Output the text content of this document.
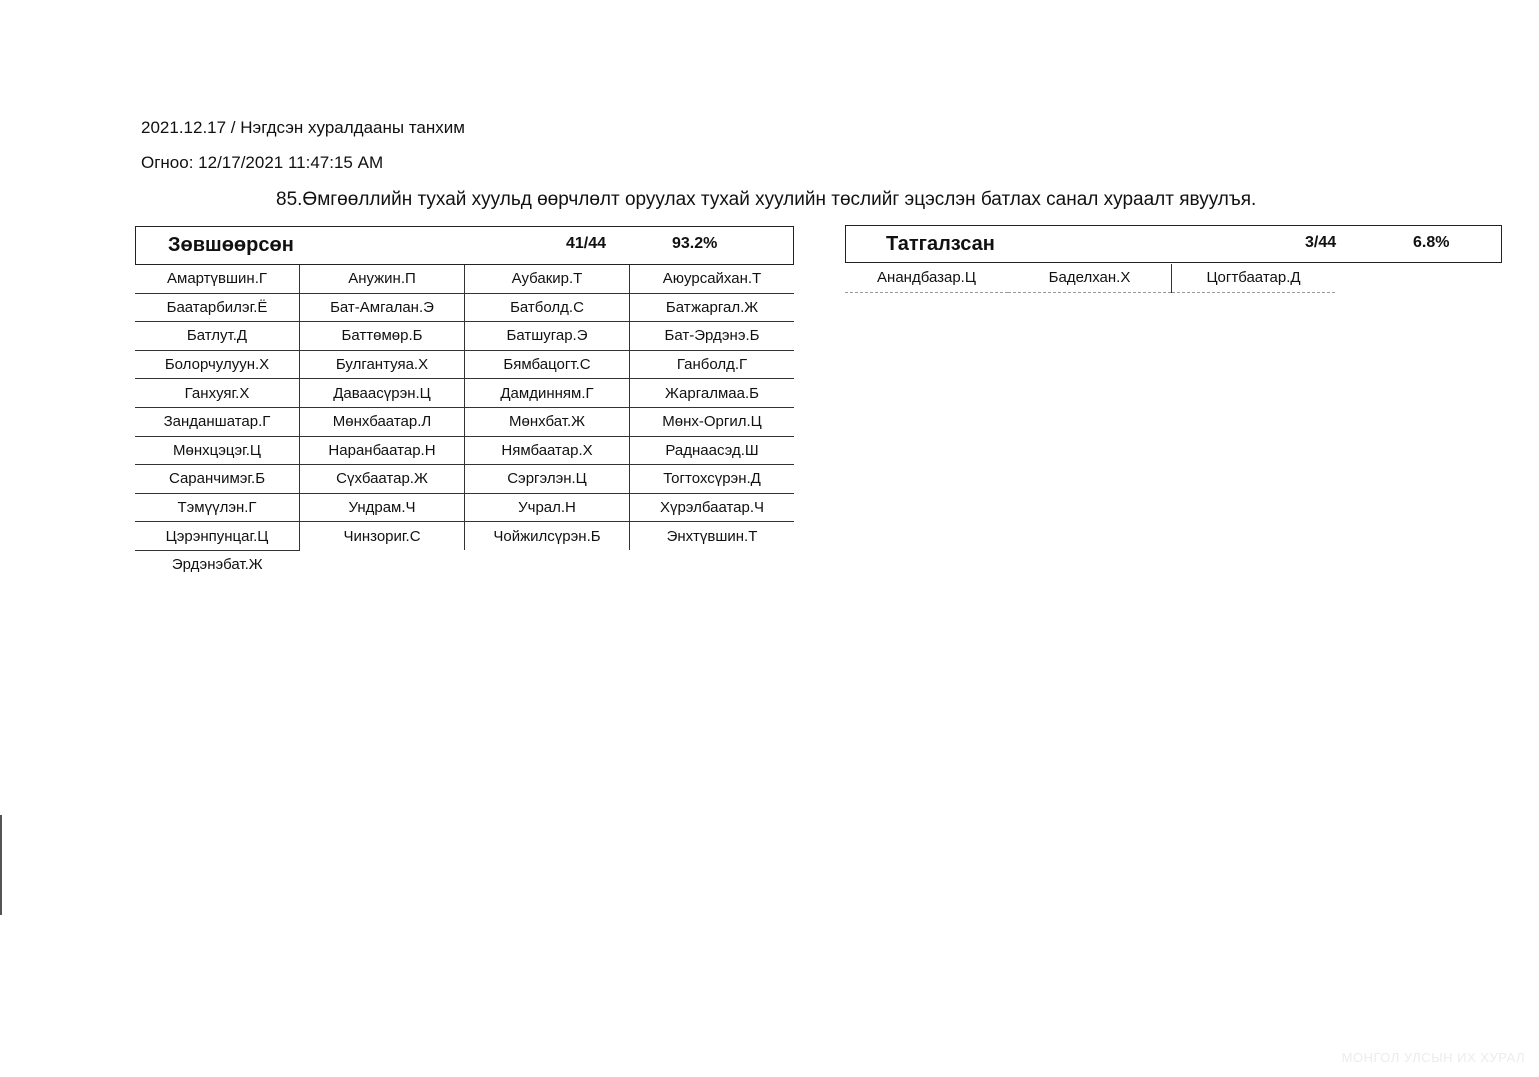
2021.12.17 / Нэгдсэн хуралдааны танхим
Огноо: 12/17/2021 11:47:15 AM
85.Өмгөөллийн тухай хуульд өөрчлөлт оруулах тухай хуулийн төслийг эцэслэн батлах санал хураалт явуулъя.
Зөвшөөрсөн	41/44	93.2%
Амартүвшин.Г	Анужин.П	Аубакир.Т	Аюурсайхан.Т
Баатарбилэг.Ё	Бат-Амгалан.Э	Батболд.С	Батжаргал.Ж
Батлут.Д	Баттөмөр.Б	Батшугар.Э	Бат-Эрдэнэ.Б
Болорчулуун.Х	Булгантуяа.Х	Бямбацогт.С	Ганболд.Г
Ганхуяг.Х	Даваасүрэн.Ц	Дамдинням.Г	Жаргалмаа.Б
Занданшатар.Г	Мөнхбаатар.Л	Мөнхбат.Ж	Мөнх-Оргил.Ц
Мөнхцэцэг.Ц	Наранбаатар.Н	Нямбаатар.Х	Раднаасэд.Ш
Саранчимэг.Б	Сүхбаатар.Ж	Сэргэлэн.Ц	Тогтохсүрэн.Д
Тэмүүлэн.Г	Ундрам.Ч	Учрал.Н	Хүрэлбаатар.Ч
Цэрэнпунцаг.Ц	Чинзориг.С	Чойжилсүрэн.Б	Энхтүвшин.Т
Эрдэнэбат.Ж			
Татгалзсан	3/44	6.8%
Анандбазар.Ц	Баделхан.Х	Цогтбаатар.Д
МОНГОЛ УЛСЫН ИХ ХУРАЛ
